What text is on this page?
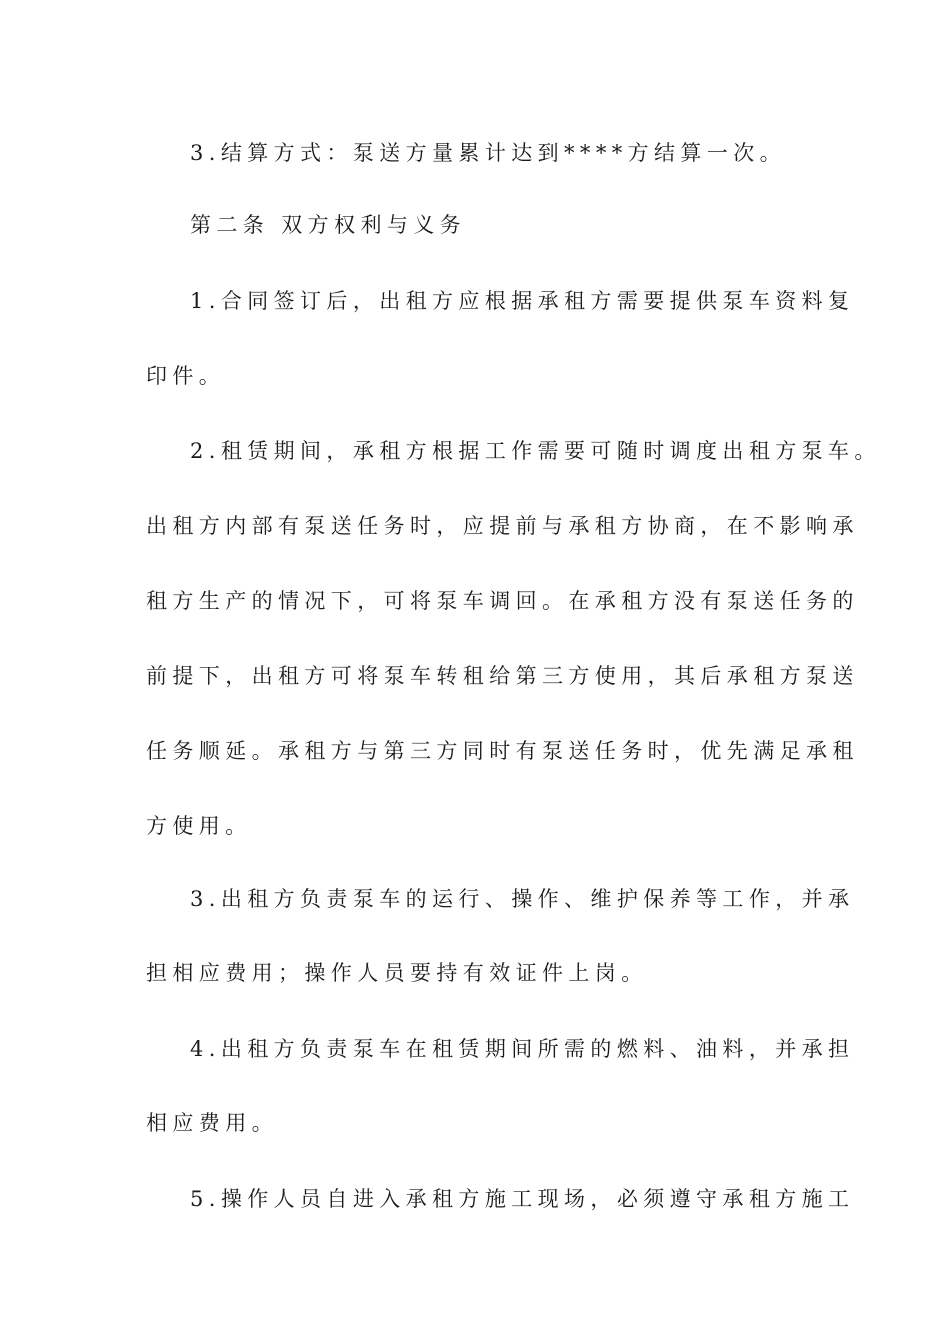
3.结算方式：泵送方量累计达到****方结算一次。
第二条 双方权利与义务
1.合同签订后，出租方应根据承租方需要提供泵车资料复
印件。
2.租赁期间，承租方根据工作需要可随时调度出租方泵车。
出租方内部有泵送任务时，应提前与承租方协商，在不影响承
租方生产的情况下，可将泵车调回。在承租方没有泵送任务的
前提下，出租方可将泵车转租给第三方使用，其后承租方泵送
任务顺延。承租方与第三方同时有泵送任务时，优先满足承租
方使用。
3.出租方负责泵车的运行、操作、维护保养等工作，并承
担相应费用；操作人员要持有效证件上岗。
4.出租方负责泵车在租赁期间所需的燃料、油料，并承担
相应费用。
5.操作人员自进入承租方施工现场，必须遵守承租方施工
